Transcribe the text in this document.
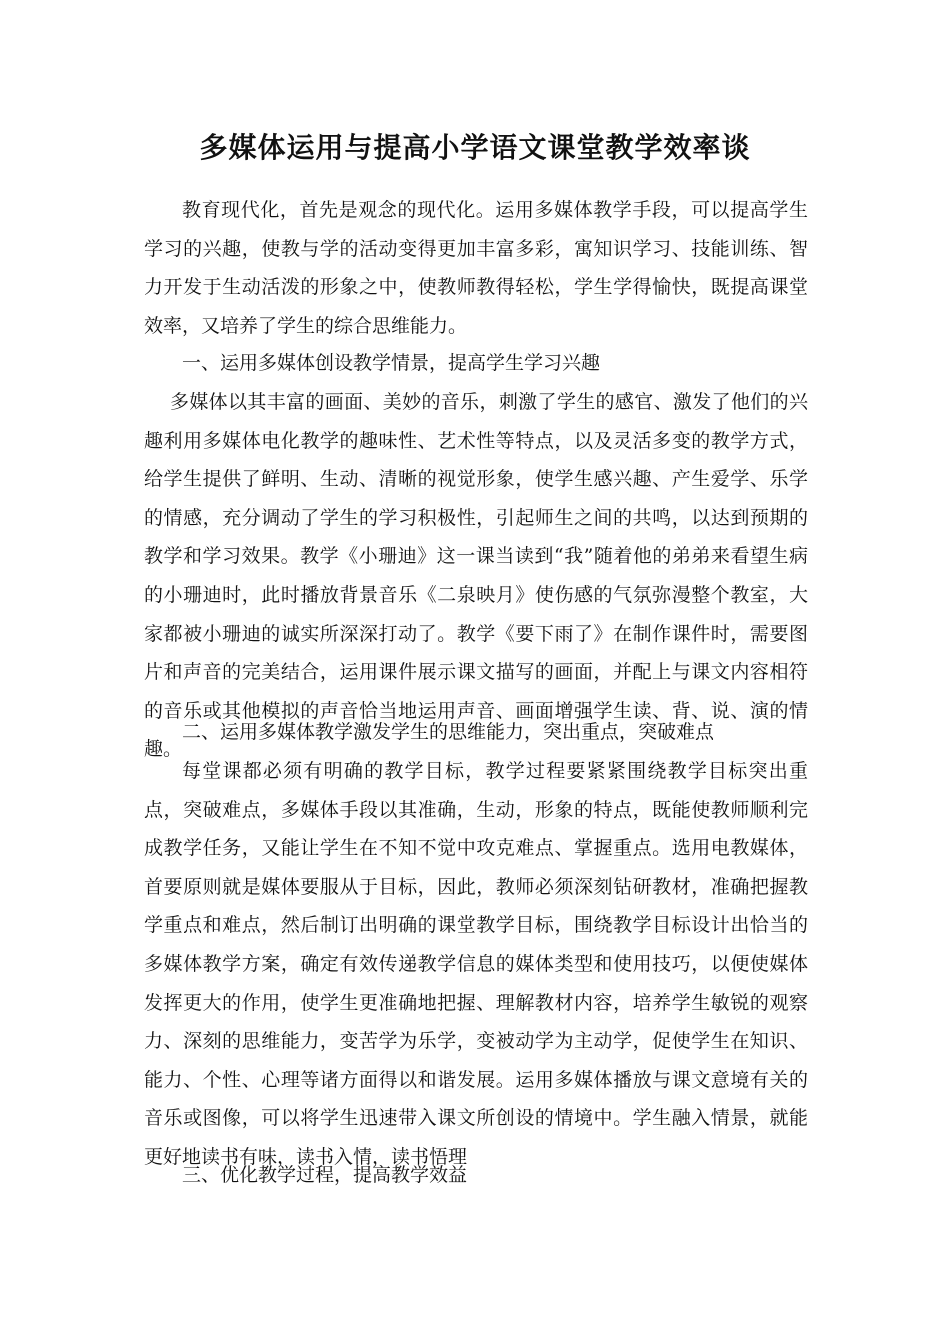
多媒体运用与提高小学语文课堂教学效率谈

教育现代化，首先是观念的现代化。运用多媒体教学手段，可以提高学生学习的兴趣，使教与学的活动变得更加丰富多彩，寓知识学习、技能训练、智力开发于生动活泼的形象之中，使教师教得轻松，学生学得愉快，既提高课堂效率，又培养了学生的综合思维能力。

一、运用多媒体创设教学情景，提高学生学习兴趣

多媒体以其丰富的画面、美妙的音乐，刺激了学生的感官、激发了他们的兴趣利用多媒体电化教学的趣味性、艺术性等特点，以及灵活多变的教学方式，给学生提供了鲜明、生动、清晰的视觉形象，使学生感兴趣、产生爱学、乐学的情感，充分调动了学生的学习积极性，引起师生之间的共鸣，以达到预期的教学和学习效果。教学《小珊迪》这一课当读到“我”随着他的弟弟来看望生病的小珊迪时，此时播放背景音乐《二泉映月》使伤感的气氛弥漫整个教室，大家都被小珊迪的诚实所深深打动了。教学《要下雨了》在制作课件时，需要图片和声音的完美结合，运用课件展示课文描写的画面，并配上与课文内容相符的音乐或其他模拟的声音恰当地运用声音、画面增强学生读、背、说、演的情趣。

二、运用多媒体教学激发学生的思维能力，突出重点，突破难点

每堂课都必须有明确的教学目标，教学过程要紧紧围绕教学目标突出重点，突破难点，多媒体手段以其准确，生动，形象的特点，既能使教师顺利完成教学任务，又能让学生在不知不觉中攻克难点、掌握重点。选用电教媒体，首要原则就是媒体要服从于目标，因此，教师必须深刻钻研教材，准确把握教学重点和难点，然后制订出明确的课堂教学目标，围绕教学目标设计出恰当的多媒体教学方案，确定有效传递教学信息的媒体类型和使用技巧，以便使媒体发挥更大的作用，使学生更准确地把握、理解教材内容，培养学生敏锐的观察力、深刻的思维能力，变苦学为乐学，变被动学为主动学，促使学生在知识、能力、个性、心理等诸方面得以和谐发展。运用多媒体播放与课文意境有关的音乐或图像，可以将学生迅速带入课文所创设的情境中。学生融入情景，就能更好地读书有味，读书入情，读书悟理

三、优化教学过程，提高教学效益
